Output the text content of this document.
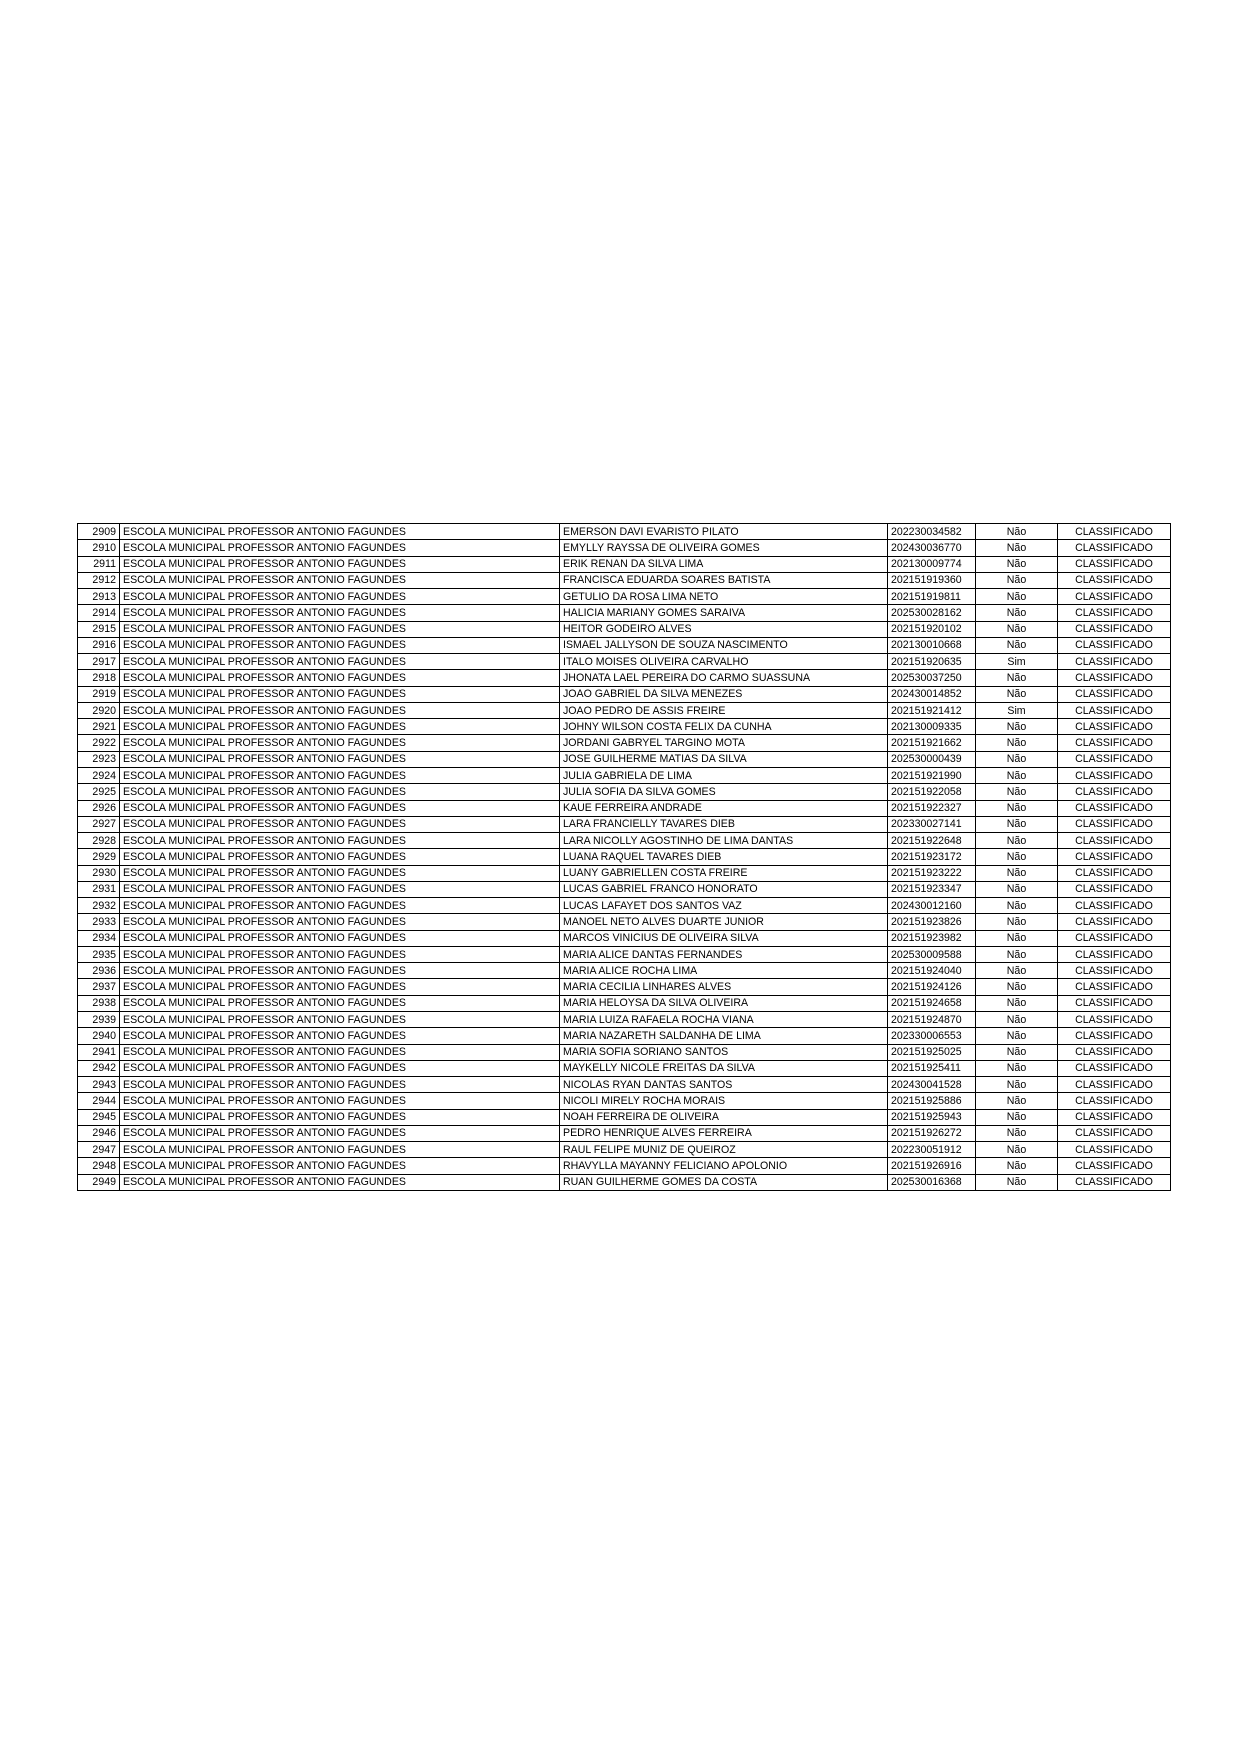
2909	ESCOLA MUNICIPAL PROFESSOR ANTONIO FAGUNDES	EMERSON DAVI EVARISTO PILATO	202230034582	Não	CLASSIFICADO
2910	ESCOLA MUNICIPAL PROFESSOR ANTONIO FAGUNDES	EMYLLY RAYSSA DE OLIVEIRA GOMES	202430036770	Não	CLASSIFICADO
2911	ESCOLA MUNICIPAL PROFESSOR ANTONIO FAGUNDES	ERIK RENAN DA SILVA LIMA	202130009774	Não	CLASSIFICADO
2912	ESCOLA MUNICIPAL PROFESSOR ANTONIO FAGUNDES	FRANCISCA EDUARDA SOARES BATISTA	202151919360	Não	CLASSIFICADO
2913	ESCOLA MUNICIPAL PROFESSOR ANTONIO FAGUNDES	GETULIO DA ROSA LIMA NETO	202151919811	Não	CLASSIFICADO
2914	ESCOLA MUNICIPAL PROFESSOR ANTONIO FAGUNDES	HALICIA MARIANY GOMES SARAIVA	202530028162	Não	CLASSIFICADO
2915	ESCOLA MUNICIPAL PROFESSOR ANTONIO FAGUNDES	HEITOR GODEIRO ALVES	202151920102	Não	CLASSIFICADO
2916	ESCOLA MUNICIPAL PROFESSOR ANTONIO FAGUNDES	ISMAEL JALLYSON DE SOUZA NASCIMENTO	202130010668	Não	CLASSIFICADO
2917	ESCOLA MUNICIPAL PROFESSOR ANTONIO FAGUNDES	ITALO MOISES OLIVEIRA CARVALHO	202151920635	Sim	CLASSIFICADO
2918	ESCOLA MUNICIPAL PROFESSOR ANTONIO FAGUNDES	JHONATA LAEL PEREIRA DO CARMO SUASSUNA	202530037250	Não	CLASSIFICADO
2919	ESCOLA MUNICIPAL PROFESSOR ANTONIO FAGUNDES	JOAO GABRIEL DA SILVA MENEZES	202430014852	Não	CLASSIFICADO
2920	ESCOLA MUNICIPAL PROFESSOR ANTONIO FAGUNDES	JOAO PEDRO DE ASSIS FREIRE	202151921412	Sim	CLASSIFICADO
2921	ESCOLA MUNICIPAL PROFESSOR ANTONIO FAGUNDES	JOHNY WILSON COSTA FELIX DA CUNHA	202130009335	Não	CLASSIFICADO
2922	ESCOLA MUNICIPAL PROFESSOR ANTONIO FAGUNDES	JORDANI GABRYEL TARGINO MOTA	202151921662	Não	CLASSIFICADO
2923	ESCOLA MUNICIPAL PROFESSOR ANTONIO FAGUNDES	JOSE GUILHERME MATIAS DA SILVA	202530000439	Não	CLASSIFICADO
2924	ESCOLA MUNICIPAL PROFESSOR ANTONIO FAGUNDES	JULIA GABRIELA DE LIMA	202151921990	Não	CLASSIFICADO
2925	ESCOLA MUNICIPAL PROFESSOR ANTONIO FAGUNDES	JULIA SOFIA DA SILVA GOMES	202151922058	Não	CLASSIFICADO
2926	ESCOLA MUNICIPAL PROFESSOR ANTONIO FAGUNDES	KAUE FERREIRA ANDRADE	202151922327	Não	CLASSIFICADO
2927	ESCOLA MUNICIPAL PROFESSOR ANTONIO FAGUNDES	LARA FRANCIELLY TAVARES DIEB	202330027141	Não	CLASSIFICADO
2928	ESCOLA MUNICIPAL PROFESSOR ANTONIO FAGUNDES	LARA NICOLLY AGOSTINHO DE LIMA DANTAS	202151922648	Não	CLASSIFICADO
2929	ESCOLA MUNICIPAL PROFESSOR ANTONIO FAGUNDES	LUANA RAQUEL TAVARES DIEB	202151923172	Não	CLASSIFICADO
2930	ESCOLA MUNICIPAL PROFESSOR ANTONIO FAGUNDES	LUANY GABRIELLEN COSTA FREIRE	202151923222	Não	CLASSIFICADO
2931	ESCOLA MUNICIPAL PROFESSOR ANTONIO FAGUNDES	LUCAS GABRIEL FRANCO HONORATO	202151923347	Não	CLASSIFICADO
2932	ESCOLA MUNICIPAL PROFESSOR ANTONIO FAGUNDES	LUCAS LAFAYET DOS SANTOS VAZ	202430012160	Não	CLASSIFICADO
2933	ESCOLA MUNICIPAL PROFESSOR ANTONIO FAGUNDES	MANOEL NETO ALVES DUARTE JUNIOR	202151923826	Não	CLASSIFICADO
2934	ESCOLA MUNICIPAL PROFESSOR ANTONIO FAGUNDES	MARCOS VINICIUS DE OLIVEIRA SILVA	202151923982	Não	CLASSIFICADO
2935	ESCOLA MUNICIPAL PROFESSOR ANTONIO FAGUNDES	MARIA ALICE DANTAS FERNANDES	202530009588	Não	CLASSIFICADO
2936	ESCOLA MUNICIPAL PROFESSOR ANTONIO FAGUNDES	MARIA ALICE ROCHA LIMA	202151924040	Não	CLASSIFICADO
2937	ESCOLA MUNICIPAL PROFESSOR ANTONIO FAGUNDES	MARIA CECILIA LINHARES ALVES	202151924126	Não	CLASSIFICADO
2938	ESCOLA MUNICIPAL PROFESSOR ANTONIO FAGUNDES	MARIA HELOYSA DA SILVA OLIVEIRA	202151924658	Não	CLASSIFICADO
2939	ESCOLA MUNICIPAL PROFESSOR ANTONIO FAGUNDES	MARIA LUIZA RAFAELA ROCHA VIANA	202151924870	Não	CLASSIFICADO
2940	ESCOLA MUNICIPAL PROFESSOR ANTONIO FAGUNDES	MARIA NAZARETH SALDANHA DE LIMA	202330006553	Não	CLASSIFICADO
2941	ESCOLA MUNICIPAL PROFESSOR ANTONIO FAGUNDES	MARIA SOFIA SORIANO SANTOS	202151925025	Não	CLASSIFICADO
2942	ESCOLA MUNICIPAL PROFESSOR ANTONIO FAGUNDES	MAYKELLY NICOLE FREITAS DA SILVA	202151925411	Não	CLASSIFICADO
2943	ESCOLA MUNICIPAL PROFESSOR ANTONIO FAGUNDES	NICOLAS RYAN DANTAS SANTOS	202430041528	Não	CLASSIFICADO
2944	ESCOLA MUNICIPAL PROFESSOR ANTONIO FAGUNDES	NICOLI MIRELY ROCHA MORAIS	202151925886	Não	CLASSIFICADO
2945	ESCOLA MUNICIPAL PROFESSOR ANTONIO FAGUNDES	NOAH FERREIRA DE OLIVEIRA	202151925943	Não	CLASSIFICADO
2946	ESCOLA MUNICIPAL PROFESSOR ANTONIO FAGUNDES	PEDRO HENRIQUE ALVES FERREIRA	202151926272	Não	CLASSIFICADO
2947	ESCOLA MUNICIPAL PROFESSOR ANTONIO FAGUNDES	RAUL FELIPE MUNIZ DE QUEIROZ	202230051912	Não	CLASSIFICADO
2948	ESCOLA MUNICIPAL PROFESSOR ANTONIO FAGUNDES	RHAVYLLA MAYANNY FELICIANO APOLONIO	202151926916	Não	CLASSIFICADO
2949	ESCOLA MUNICIPAL PROFESSOR ANTONIO FAGUNDES	RUAN GUILHERME GOMES DA COSTA	202530016368	Não	CLASSIFICADO
